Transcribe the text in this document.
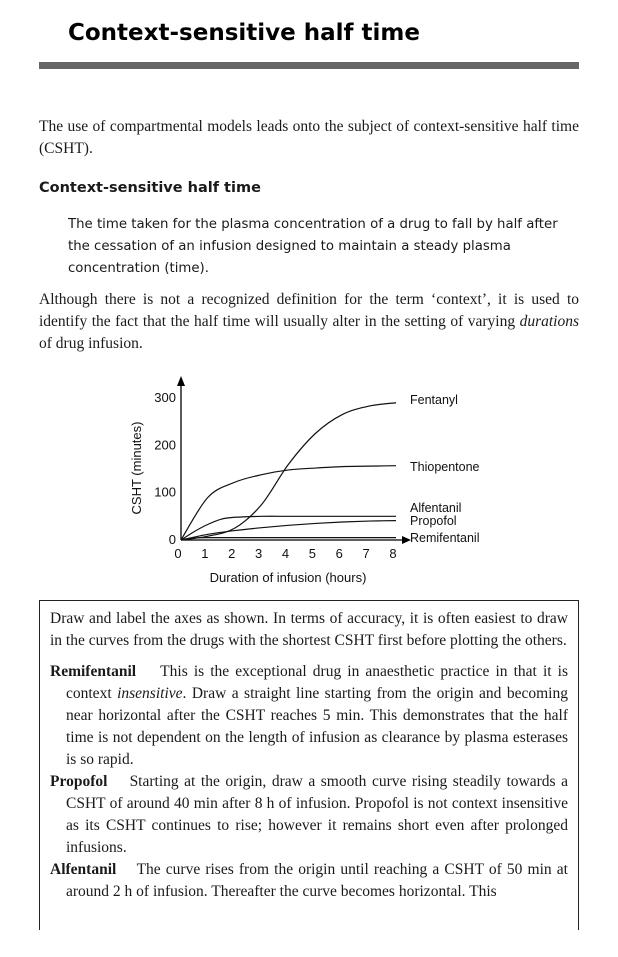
Context-sensitive half time

The use of compartmental models leads onto the subject of context-sensitive half time (CSHT).

Context-sensitive half time

The time taken for the plasma concentration of a drug to fall by half after the cessation of an infusion designed to maintain a steady plasma concentration (time).

Although there is not a recognized definition for the term ‘context’, it is used to identify the fact that the half time will usually alter in the setting of varying durations of drug infusion.

0 1 2 3 4 5 6 7 8
0
100
200
300	Fentanyl
Thiopentone
Alfentanil
Propofol
Remifentanil
Duration of infusion (hours)
CSHT (minutes)

Draw and label the axes as shown. In terms of accuracy, it is often easiest to draw in the curves from the drugs with the shortest CSHT first before plotting the others.

Remifentanil This is the exceptional drug in anaesthetic practice in that it is context insensitive. Draw a straight line starting from the origin and becoming near horizontal after the CSHT reaches 5 min. This demonstrates that the half time is not dependent on the length of infusion as clearance by plasma esterases is so rapid.

Propofol Starting at the origin, draw a smooth curve rising steadily towards a CSHT of around 40 min after 8 h of infusion. Propofol is not context insensitive as its CSHT continues to rise; however it remains short even after prolonged infusions.

Alfentanil The curve rises from the origin until reaching a CSHT of 50 min at around 2 h of infusion. Thereafter the curve becomes horizontal. This
